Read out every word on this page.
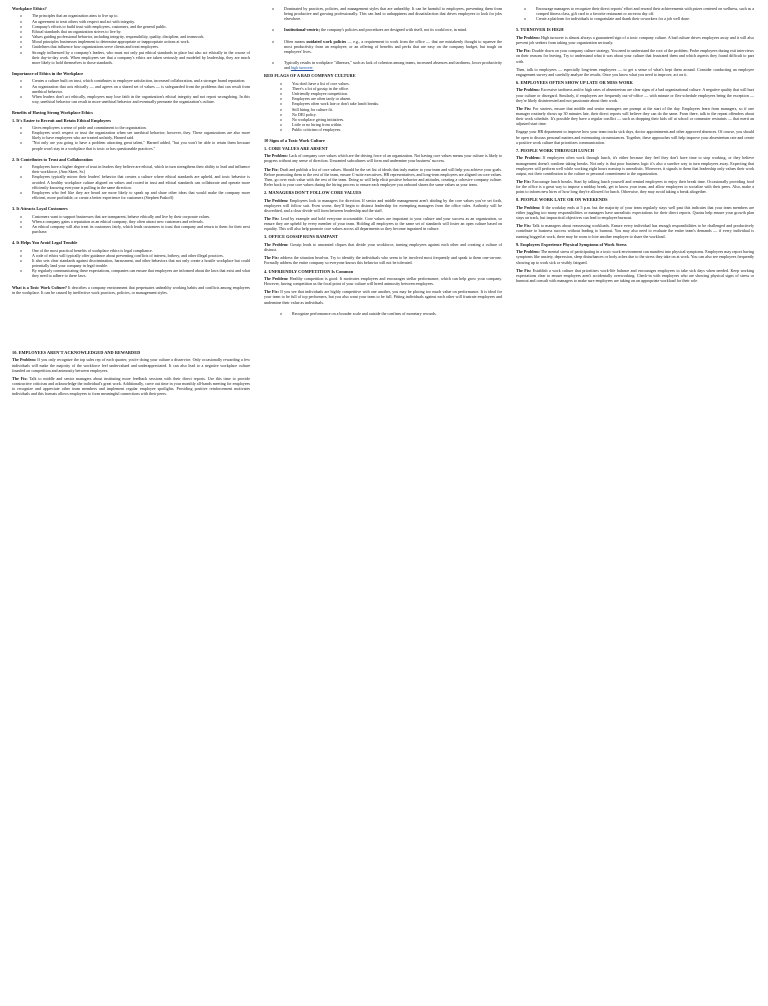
Workplace Ethics?
o The principles that an organization aims to live up to.
o An agreement to treat others with respect and act with integrity.
o Company's efforts to build trust with employees, customers, and the general public.
o Ethical standards that an organization strives to live by.
o Values guiding professional behavior, including integrity, responsibility, quality, discipline, and teamwork.
o Moral principles businesses implement to determine appropriate or inappropriate actions at work.
o Guidelines that influence how organizations serve clients and treat employees.
o Strongly influenced by a company's leaders, who must not only put ethical standards in place but also act ethically in the course of their day-to-day work. When employees see that a company's ethics are taken seriously and modeled by leadership, they are much more likely to hold themselves to those standards.
Importance of Ethics in the Workplace
o Creates a culture built on trust, which contributes to employee satisfaction, increased collaboration, and a stronger brand reputation.
o An organization that acts ethically — and agrees on a shared set of values — is safeguarded from the problems that can result from unethical behavior.
o When leaders don't act ethically, employees may lose faith in the organization's ethical integrity and not report wrongdoing. In this way, unethical behavior can result in more unethical behavior and eventually permeate the organization's culture.
Benefits of Having Strong Workplace Ethics
1. It's Easier to Recruit and Retain Ethical Employees
o Gives employees a sense of pride and commitment to the organization.
o Employees won't respect or trust the organization when see unethical behavior; however, they. These organizations are also more likely to have employees who are treated unfairly, Harned said.
o "Not only are you going to have a problem attracting great talent," Harned added, "but you won't be able to retain them because people won't stay in a workplace that is toxic or has questionable practices."
2. It Contributes to Trust and Collaboration
o Employees have a higher degree of trust in leaders they believe are ethical, which in turn strengthens their ability to lead and influence their workforce. (Ann Skeet, Sr.)
o Employees typically mirror their leaders' behavior that creates a culture where ethical standards are upheld, and toxic behavior is avoided. A healthy workplace culture aligned on values and rooted in trust and ethical standards can collaborate and operate more efficiently knowing everyone is pulling in the same direction.
o Employees who feel like they are heard are more likely to speak up and share other ideas that would make the company more efficient, more profitable, or create a better experience for customers (Stephen Paskoff)
3. It Attracts Loyal Customers
o Customers want to support businesses that are transparent, behave ethically and live by their corporate values.
o When a company gains a reputation as an ethical company, they often attract new customers and referrals.
o An ethical company will also treat its customers fairly, which leads customers to trust that company and return to them for their next purchase.
4. It Helps You Avoid Legal Trouble
o One of the most practical benefits of workplace ethics is legal compliance.
o A code of ethics will typically offer guidance about preventing conflicts of interest, bribery, and other illegal practices.
o It also sets clear standards against discrimination, harassment, and other behaviors that not only create a hostile workplace but could potentially land your company in legal trouble.
o By regularly communicating these expectations, companies can ensure that employees are informed about the laws that exist and what they need to adhere to these laws.

What is a Toxic Work Culture? It describes a company environment that perpetuates unhealthy working habits and conflicts among employees in the workplace. It can be caused by ineffective work practices, policies, or management styles.

10. EMPLOYEES AREN'T ACKNOWLEDGED AND REWARDED

The Problem: If you only recognize the top sales rep of each quarter, you're doing your culture a disservice. Only occasionally rewarding a few individuals will make the majority of the workforce feel undervalued and underappreciated. It can also lead to a negative workplace culture founded on competition and animosity between employees.

The Fix: Talk to middle and senior managers about instituting more feedback sessions with their direct reports. Use this time to provide constructive criticism and acknowledge the individual's great work. Additionally, carve out time in your monthly all-hands meeting for employees to recognize and appreciate other team members and implement regular employee spotlights. Providing positive reinforcement motivates individuals and this formats allows employees to form meaningful connections with their peers.

o Dominated by practices, policies, and management styles that are unhealthy. It can be harmful to employees, preventing them from being productive and growing professionally. This can lead to unhappiness and dissatisfaction that drives employees to look for jobs elsewhere.
o Institutional-centric; the company's policies and procedures are designed with itself, not its workforce, in mind.
o Often means outdated work policies — e.g., a requirement to work from the office — that are mistakenly thought to squeeze the most productivity from an employee, or an offering of benefits and perks that are easy on the company budget, but tough on employees' lives.
o Typically results in workplace "illnesses," such as lack of cohesion among teams, increased absences and tardiness, lower productivity and high turnover.
RED FLAGS OF A BAD COMPANY CULTURE
o You don't have a list of core values.
o There's a lot of gossip in the office.
o Unfriendly employee competition.
o Employees are often tardy or absent.
o Employees often work late or don't take lunch breaks.
o Still hiring for culture fit.
o No DEI policy.
o No workplace giving initiatives.
o Little or no hiring from within.
o Public criticism of employees.
10 Signs of a Toxic Work Culture
1. CORE VALUES ARE ABSENT

The Problem: Lack of company core values which are the driving force of an organization. Not having core values means your culture is likely to progress without any sense of direction. Unwanted subcultures will form and undermine your business' success.

The Fix: Draft and publish a list of core values. Should be the set list of ideals that truly matter to your team and will help you achieve your goals. Before promoting them to the rest of the team, ensure C-suite executives, HR representatives, and long-term employees are aligned on core values. Then, go over each value with the rest of the team. Doing so will help elicit positive behavior and attitudes, creating a cohesive company culture. Refer back to your core values during the hiring process to ensure each employee you onboard shares the same values as your team.

2. MANAGERS DON'T FOLLOW CORE VALUES

The Problem: Employees look to managers for direction. If senior and middle management aren't abiding by the core values you've set forth, employees will follow suit. Even worse, they'll begin to distrust leadership for exempting managers from the office rules. Authority will be discredited, and a clear divide will form between leadership and the staff.

The Fix: Lead by example and hold everyone accountable. Core values are important to your culture and your success as an organization, so ensure they are upheld by every member of your team. Holding all employees to the same set of standards will foster an open culture based on equality. This will also help promote core values across all departments so they become ingrained in culture.

3. OFFICE GOSSIP RUNS RAMPANT

The Problem: Gossip leads to unwanted cliques that divide your workforce, turning employees against each other and creating a culture of distrust.

The Fix: address the situation head-on. Try to identify the individuals who seem to be involved most frequently and speak to them one-on-one. Formally address the entire company so everyone knows this behavior will not be tolerated.

4. UNFRIENDLY COMPETITION Is Common

The Problem: Healthy competition is good. It motivates employees and encourages stellar performance, which can help grow your company. However, having competition as the focal point of your culture will breed animosity between employees.

The Fix: If you see that individuals are highly competitive with one another, you may be placing too much value on performance. It is ideal for your team to be full of top performers, but you also want your team to be full. Pitting individuals against each other will frustrate employees and undermine their value as individuals.

o Recognize performance on a broader scale and outside the confines of monetary rewards.
o Encourage managers to recognize their direct reports' effort and reward their achievements with prizes centered on wellness, such as a comped fitness class, gift card to a favorite restaurant or an extra day off.
o Create a platform for individuals to congratulate and thank their coworkers for a job well done.
5. TURNOVER IS HIGH

The Problem: High turnover is almost always a guaranteed sign of a toxic company culture. A bad culture drives employees away and it will also prevent job seekers from taking your organization seriously.

The Fix: Double down on your company culture strategy. You need to understand the root of the problem. Probe employees during exit interviews on their reasons for leaving. Try to understand what it was about your culture that frustrated them and which aspects they found difficult to part with.

Then, talk to employees — especially long-term employees — to get a sense of what's kept them around. Consider conducting an employee engagement survey and carefully analyze the results. Once you know what you need to improve, act on it.

6. EMPLOYEES OFTEN SHOW UP LATE OR MISS WORK

The Problem: Excessive tardiness and/or high rates of absenteeism are clear signs of a bad organizational culture. A negative quality that will hurt your culture or disregard. Similarly, if employees are frequently out-of-office — with minute or flex-schedule employees being the exception — they're likely disinterested and not passionate about their work.

The Fix: For starters, ensure that middle and senior managers are prompt at the start of the day. Employees learn from managers, so if one manager routinely shows up 30 minutes late, their direct reports will believe they can do the same. From there, talk to the repeat offenders about their work schedule. It's possible they have a regular conflict — such as dropping their kids off at school or commuter restraints — that merit an adjusted start time.

Engage your HR department to improve how your team tracks sick days, doctor appointments and other approved absences. Of course, you should be open to discuss personal matters and extenuating circumstances. Together, these approaches will help improve your absenteeism rate and create a positive work culture that prioritizes communication.

7. PEOPLE WORK THROUGH LUNCH

The Problem: If employees often work through lunch, it's either because they feel they don't have time to stop working, or they believe management doesn't condone taking breaks. Not only is that poor business logic it's also a surefire way to turn employees away. Expecting that employees will perform well while working eight hours nonstop is unrealistic. Moreover, it signals to them that leadership only values their work output, not their contribution to the culture or personal commitment to the organization.

The Fix: Encourage lunch breaks. Start by talking lunch yourself and remind employees to enjoy their break time. Occasionally providing food for the office is a great way to impose a midday break, get to know your team, and allow employees to socialize with their peers. Also, make a point to inform new hires of how long they're allowed for lunch. Otherwise, they may avoid taking a break altogether.

8. PEOPLE WORK LATE OR ON WEEKENDS

The Problem: If the workday ends at 5 p.m. but the majority of your team regularly stays well past this indicates that your team members are either juggling too many responsibilities or managers have unrealistic expectations for their direct reports. Quotas help ensure your growth plan stays on track, but impractical objectives can lead to employee burnout.

The Fix: Talk to managers about reassessing workloads. Ensure every individual has enough responsibilities to be challenged and productively contribute to business success without leading to burnout. You may also need to evaluate the entire team's demands — if every individual is running bogged at work, there may be room to hire another employee to share the workload.

9. Employees Experience Physical Symptoms of Work Stress

The Problem: The mental stress of participating in a toxic work environment can manifest into physical symptoms. Employees may report having symptoms like anxiety, depression, sleep disturbances or body aches due to the stress they take on at work. You can also see employees frequently showing up to work sick or visibly fatigued.

The Fix: Establish a work culture that prioritizes work-life balance and encourages employees to take sick days when needed. Keep working expectations clear to ensure employees aren't accidentally overworking. Check-in with employees who are showing physical signs of stress or burnout and consult with managers to make sure employees are taking on an appropriate workload for their role.
